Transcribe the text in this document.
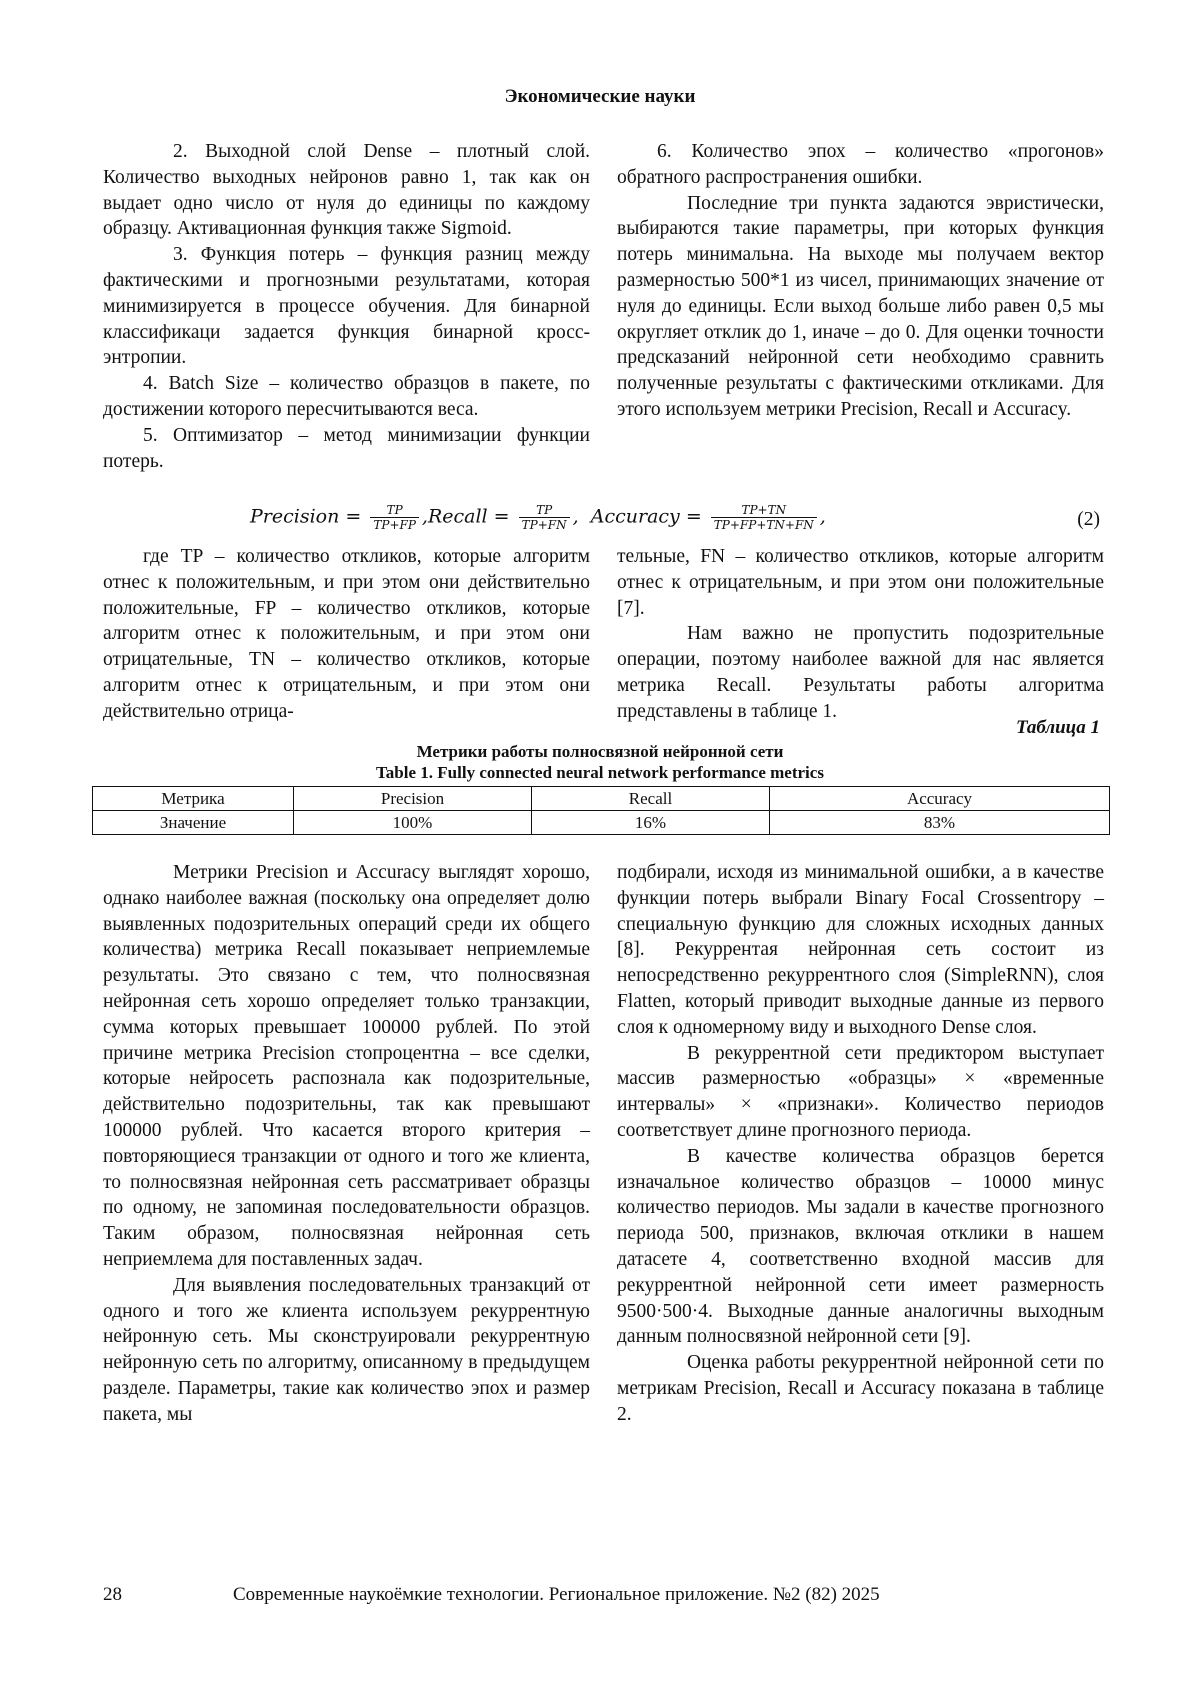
Экономические науки

2. Выходной слой Dense – плотный слой. Количество выходных нейронов равно 1, так как он выдает одно число от нуля до единицы по каждому образцу. Активационная функция также Sigmoid.

3. Функция потерь – функция разниц между фактическими и прогнозными результатами, которая минимизируется в процессе обучения. Для бинарной классификаци задается функция бинарной кросс-энтропии.

4. Batch Size – количество образцов в пакете, по достижении которого пересчитываются веса.

5. Оптимизатор – метод минимизации функции потерь.

6. Количество эпох – количество «прогонов» обратного распространения ошибки.

Последние три пункта задаются эвристически, выбираются такие параметры, при которых функция потерь минимальна. На выходе мы получаем вектор размерностью 500*1 из чисел, принимающих значение от нуля до единицы. Если выход больше либо равен 0,5 мы округляет отклик до 1, иначе – до 0. Для оценки точности предсказаний нейронной сети необходимо сравнить полученные результаты с фактическими откликами. Для этого используем метрики Precision, Recall и Accuracy.

Precision = $\frac{TP}{TP+FP}$ ,Recall = $\frac{TP}{TP+FN}$ , Accuracy = $\frac{TP+TN}{TP+FP+TN+FN}$ ,	(2)

где TP – количество откликов, которые алгоритм отнес к положительным, и при этом они действительно положительные, FP – количество откликов, которые алгоритм отнес к положительным, и при этом они отрицательные, TN – количество откликов, которые алгоритм отнес к отрицательным, и при этом они действительно отрица-

тельные, FN – количество откликов, которые алгоритм отнес к отрицательным, и при этом они положительные [7].

Нам важно не пропустить подозрительные операции, поэтому наиболее важной для нас является метрика Recall. Результаты работы алгоритма представлены в таблице 1.

Таблица 1
Метрики работы полносвязной нейронной сети
Table 1. Fully connected neural network performance metrics
Метрика	Precision	Recall	Accuracy
Значение	100%	16%	83%

Метрики Precision и Accuracy выглядят хорошо, однако наиболее важная (поскольку она определяет долю выявленных подозрительных операций среди их общего количества) метрика Recall показывает неприемлемые результаты. Это связано с тем, что полносвязная нейронная сеть хорошо определяет только транзакции, сумма которых превышает 100000 рублей. По этой причине метрика Precision стопроцентна – все сделки, которые нейросеть распознала как подозрительные, действительно подозрительны, так как превышают 100000 рублей. Что касается второго критерия – повторяющиеся транзакции от одного и того же клиента, то полносвязная нейронная сеть рассматривает образцы по одному, не запоминая последовательности образцов. Таким образом, полносвязная нейронная сеть неприемлема для поставленных задач.

Для выявления последовательных транзакций от одного и того же клиента используем рекуррентную нейронную сеть. Мы сконструировали рекуррентную нейронную сеть по алгоритму, описанному в предыдущем разделе. Параметры, такие как количество эпох и размер пакета, мы

подбирали, исходя из минимальной ошибки, а в качестве функции потерь выбрали Binary Focal Crossentropy – специальную функцию для сложных исходных данных [8]. Рекуррентая нейронная сеть состоит из непосредственно рекуррентного слоя (SimpleRNN), слоя Flatten, который приводит выходные данные из первого слоя к одномерному виду и выходного Dense слоя.

В рекуррентной сети предиктором выступает массив размерностью «образцы» × «временные интервалы» × «признаки». Количество периодов соответствует длине прогнозного периода.

В качестве количества образцов берется изначальное количество образцов – 10000 минус количество периодов. Мы задали в качестве прогнозного периода 500, признаков, включая отклики в нашем датасете 4, соответственно входной массив для рекуррентной нейронной сети имеет размерность 9500·500·4. Выходные данные аналогичны выходным данным полносвязной нейронной сети [9].

Оценка работы рекуррентной нейронной сети по метрикам Precision, Recall и Accuracy показана в таблице 2.

28	Современные наукоёмкие технологии. Региональное приложение. №2 (82) 2025
